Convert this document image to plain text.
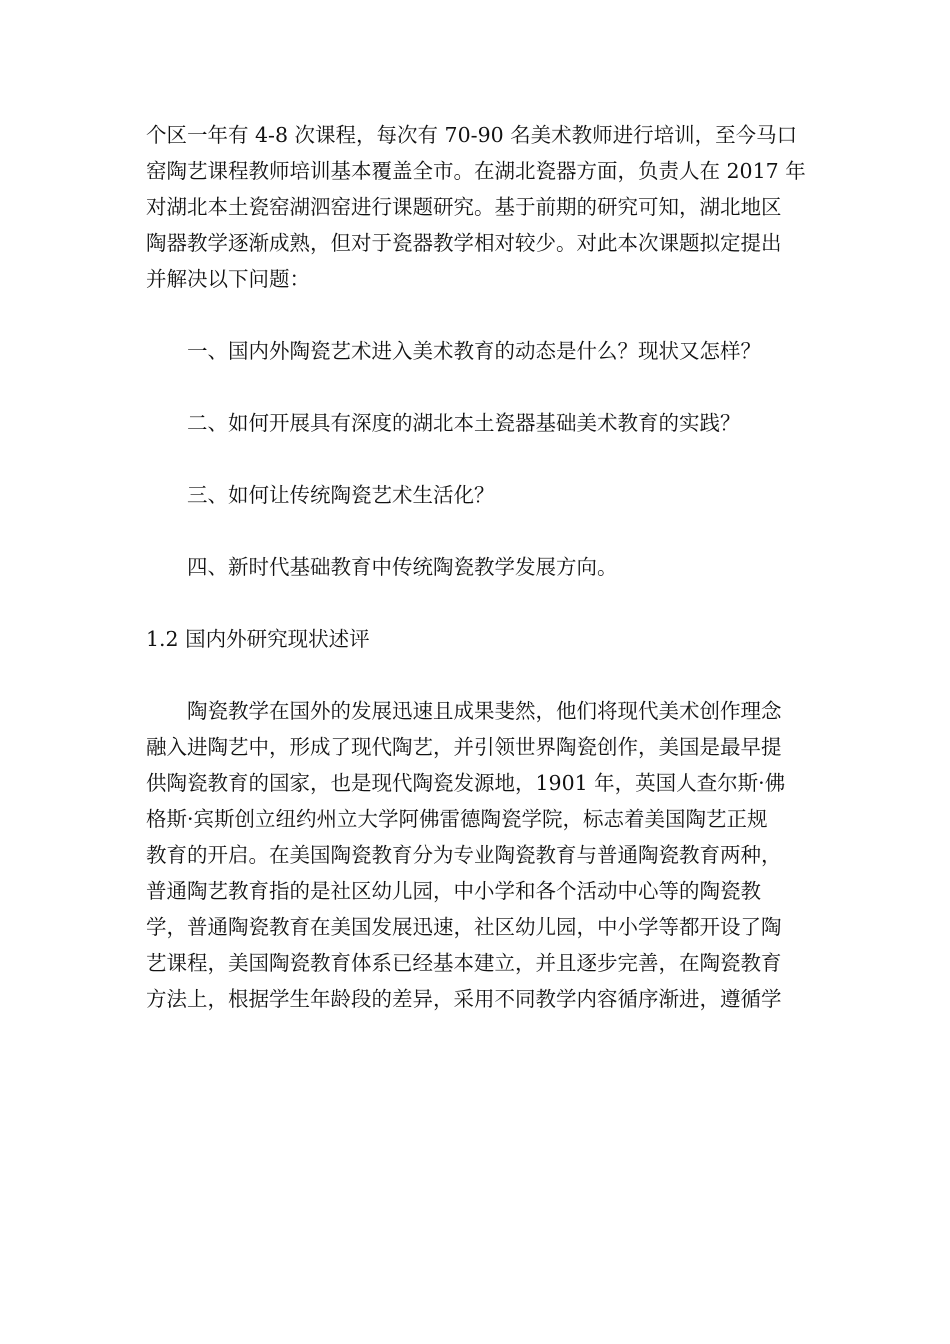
个区一年有 4-8 次课程，每次有 70-90 名美术教师进行培训，至今马口
窑陶艺课程教师培训基本覆盖全市。在湖北瓷器方面，负责人在 2017 年
对湖北本土瓷窑湖泗窑进行课题研究。基于前期的研究可知，湖北地区
陶器教学逐渐成熟，但对于瓷器教学相对较少。对此本次课题拟定提出
并解决以下问题：
一、国内外陶瓷艺术进入美术教育的动态是什么？现状又怎样？
二、如何开展具有深度的湖北本土瓷器基础美术教育的实践？
三、如何让传统陶瓷艺术生活化？
四、新时代基础教育中传统陶瓷教学发展方向。
1.2 国内外研究现状述评
陶瓷教学在国外的发展迅速且成果斐然，他们将现代美术创作理念
融入进陶艺中，形成了现代陶艺，并引领世界陶瓷创作，美国是最早提
供陶瓷教育的国家，也是现代陶瓷发源地，1901 年，英国人查尔斯·佛
格斯·宾斯创立纽约州立大学阿佛雷德陶瓷学院，标志着美国陶艺正规
教育的开启。在美国陶瓷教育分为专业陶瓷教育与普通陶瓷教育两种，
普通陶艺教育指的是社区幼儿园，中小学和各个活动中心等的陶瓷教
学，普通陶瓷教育在美国发展迅速，社区幼儿园，中小学等都开设了陶
艺课程，美国陶瓷教育体系已经基本建立，并且逐步完善，在陶瓷教育
方法上，根据学生年龄段的差异，采用不同教学内容循序渐进，遵循学
